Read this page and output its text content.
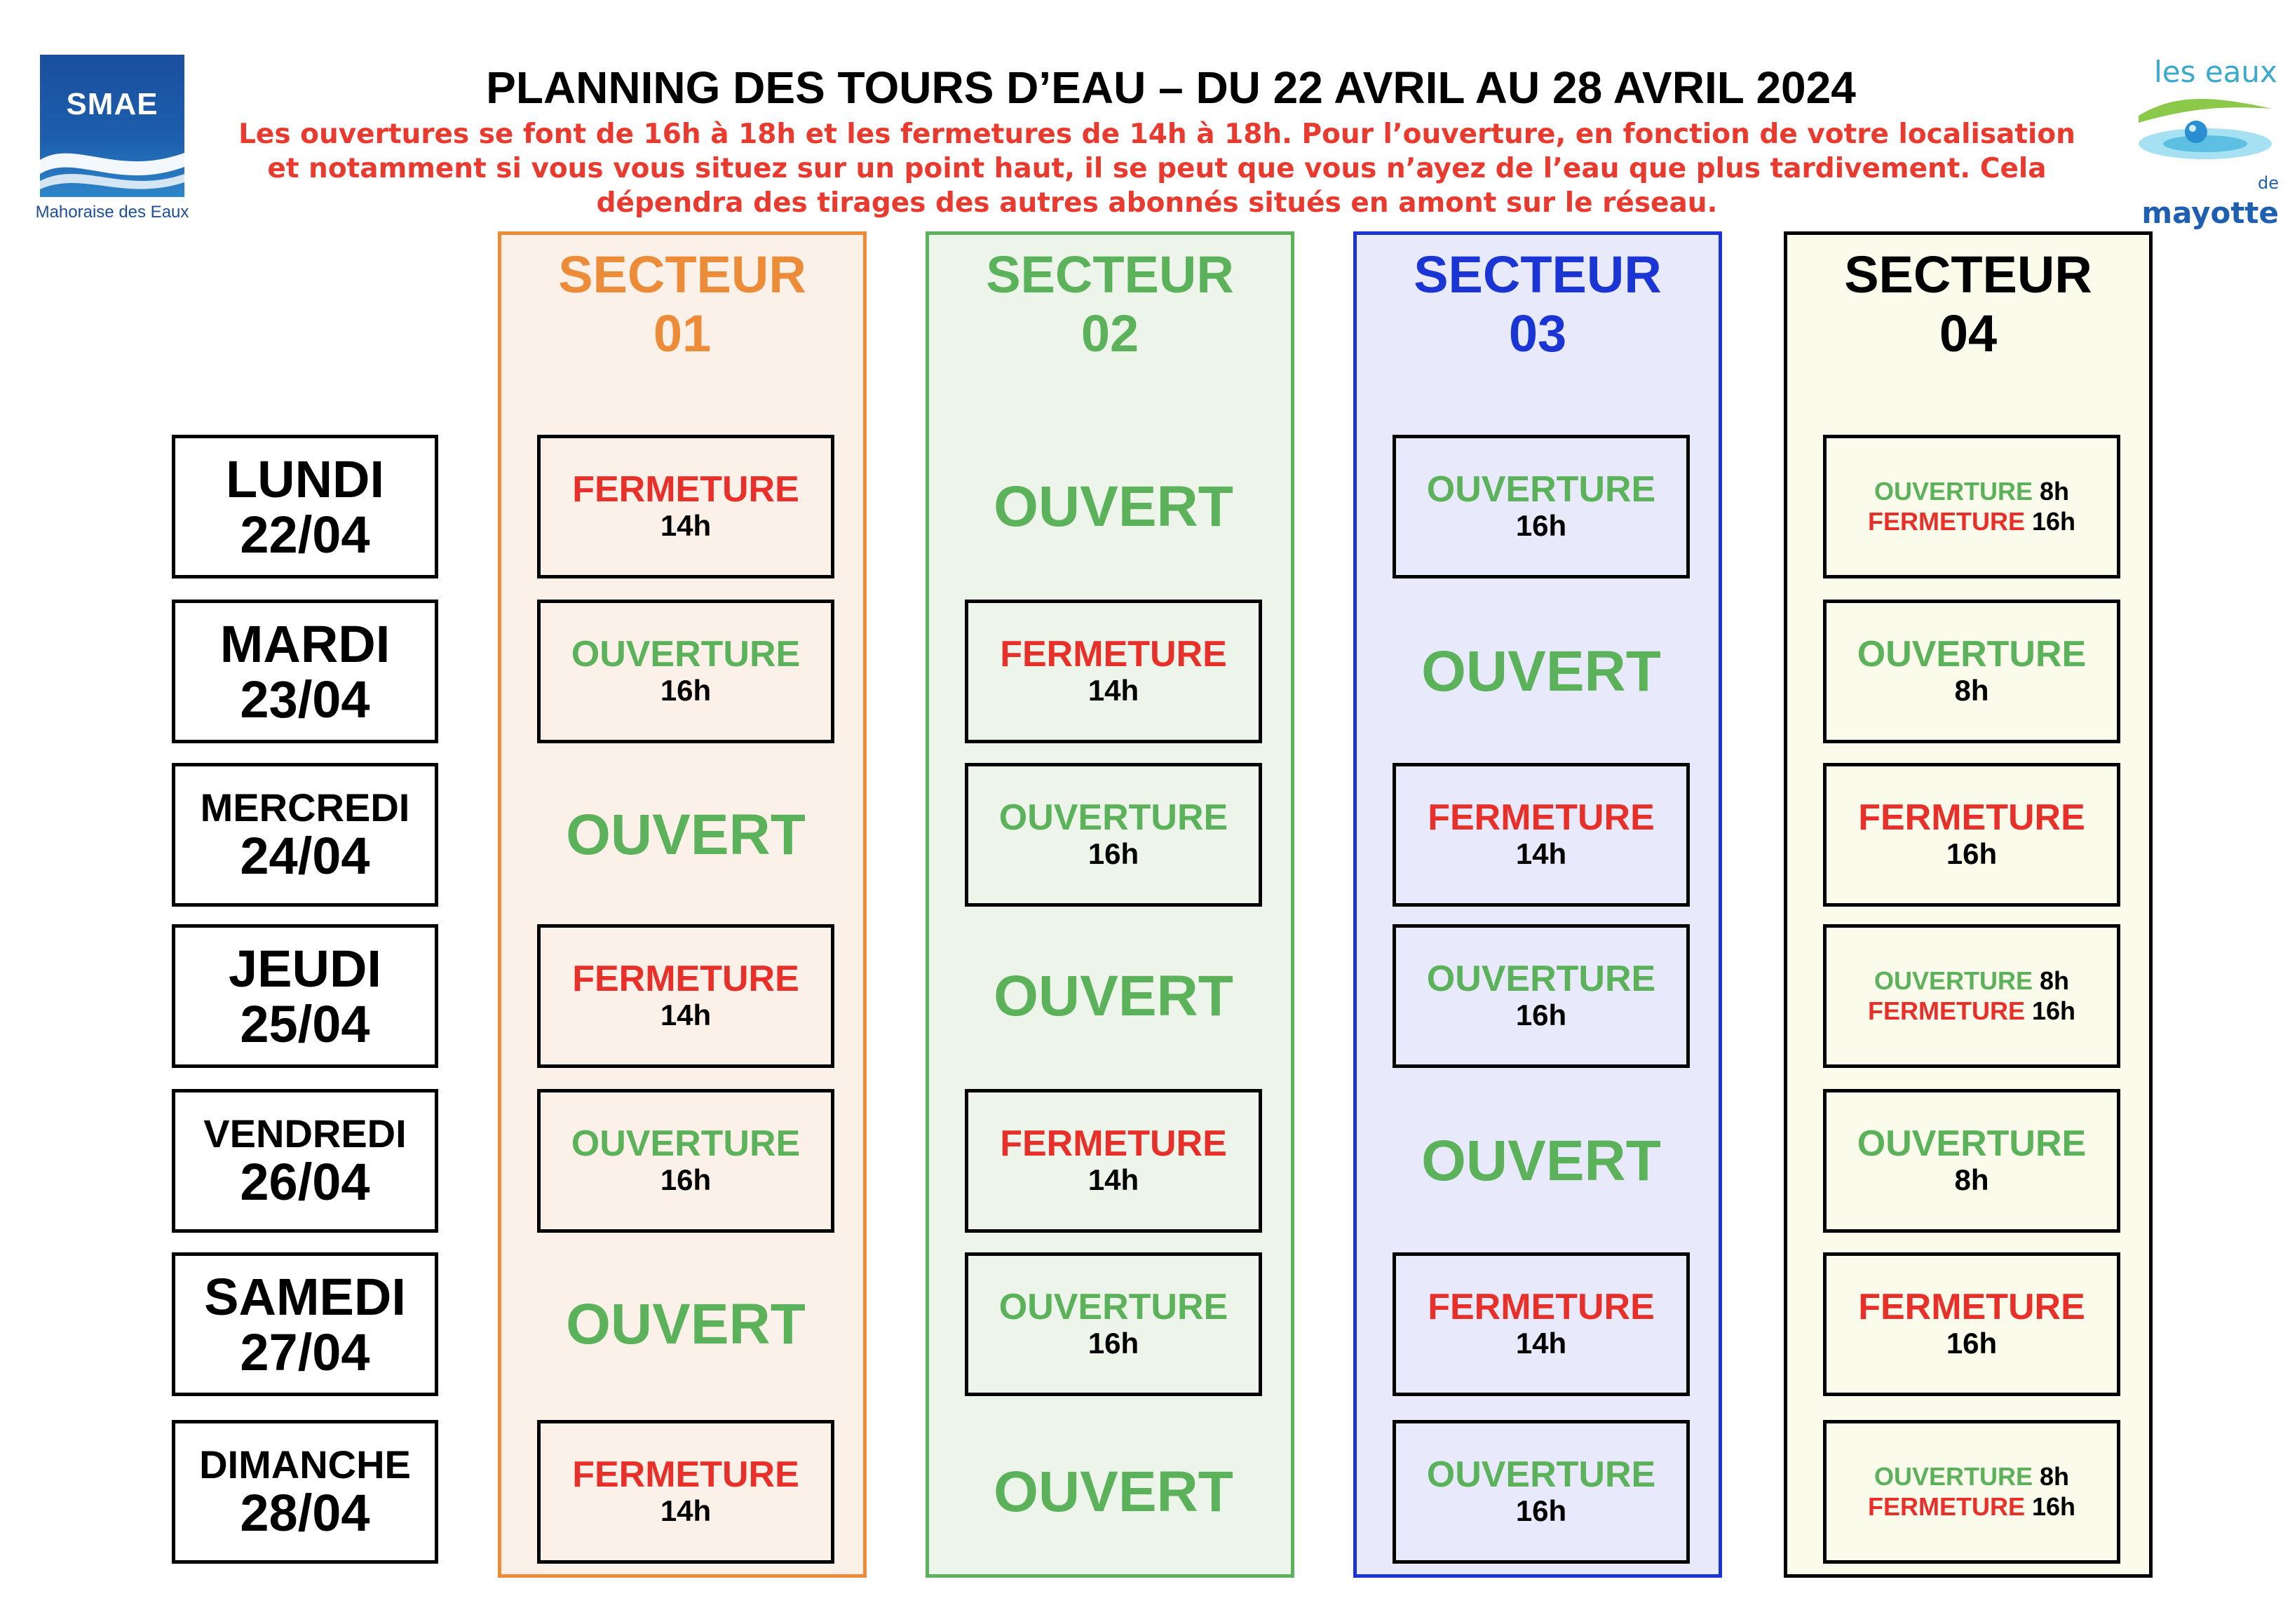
SMAE
Mahoraise des Eaux
PLANNING DES TOURS D’EAU – DU 22 AVRIL AU 28 AVRIL 2024
Les ouvertures se font de 16h à 18h et les fermetures de 14h à 18h. Pour l’ouverture, en fonction de votre localisation et notamment si vous vous situez sur un point haut, il se peut que vous n’ayez de l’eau que plus tardivement. Cela dépendra des tirages des autres abonnés situés en amont sur le réseau.
les eaux
de mayotte
LUNDI
22/04
MARDI
23/04
MERCREDI
24/04
JEUDI
25/04
VENDREDI
26/04
SAMEDI
27/04
DIMANCHE
28/04
SECTEUR
01
FERMETURE
14h
OUVERTURE
16h
OUVERT
FERMETURE
14h
OUVERTURE
16h
OUVERT
FERMETURE
14h
SECTEUR
02
OUVERT
FERMETURE
14h
OUVERTURE
16h
OUVERT
FERMETURE
14h
OUVERTURE
16h
OUVERT
SECTEUR
03
OUVERTURE
16h
OUVERT
FERMETURE
14h
OUVERTURE
16h
OUVERT
FERMETURE
14h
OUVERTURE
16h
SECTEUR
04
OUVERTURE 8h
FERMETURE 16h
OUVERTURE
8h
FERMETURE
16h
OUVERTURE 8h
FERMETURE 16h
OUVERTURE
8h
FERMETURE
16h
OUVERTURE 8h
FERMETURE 16h
